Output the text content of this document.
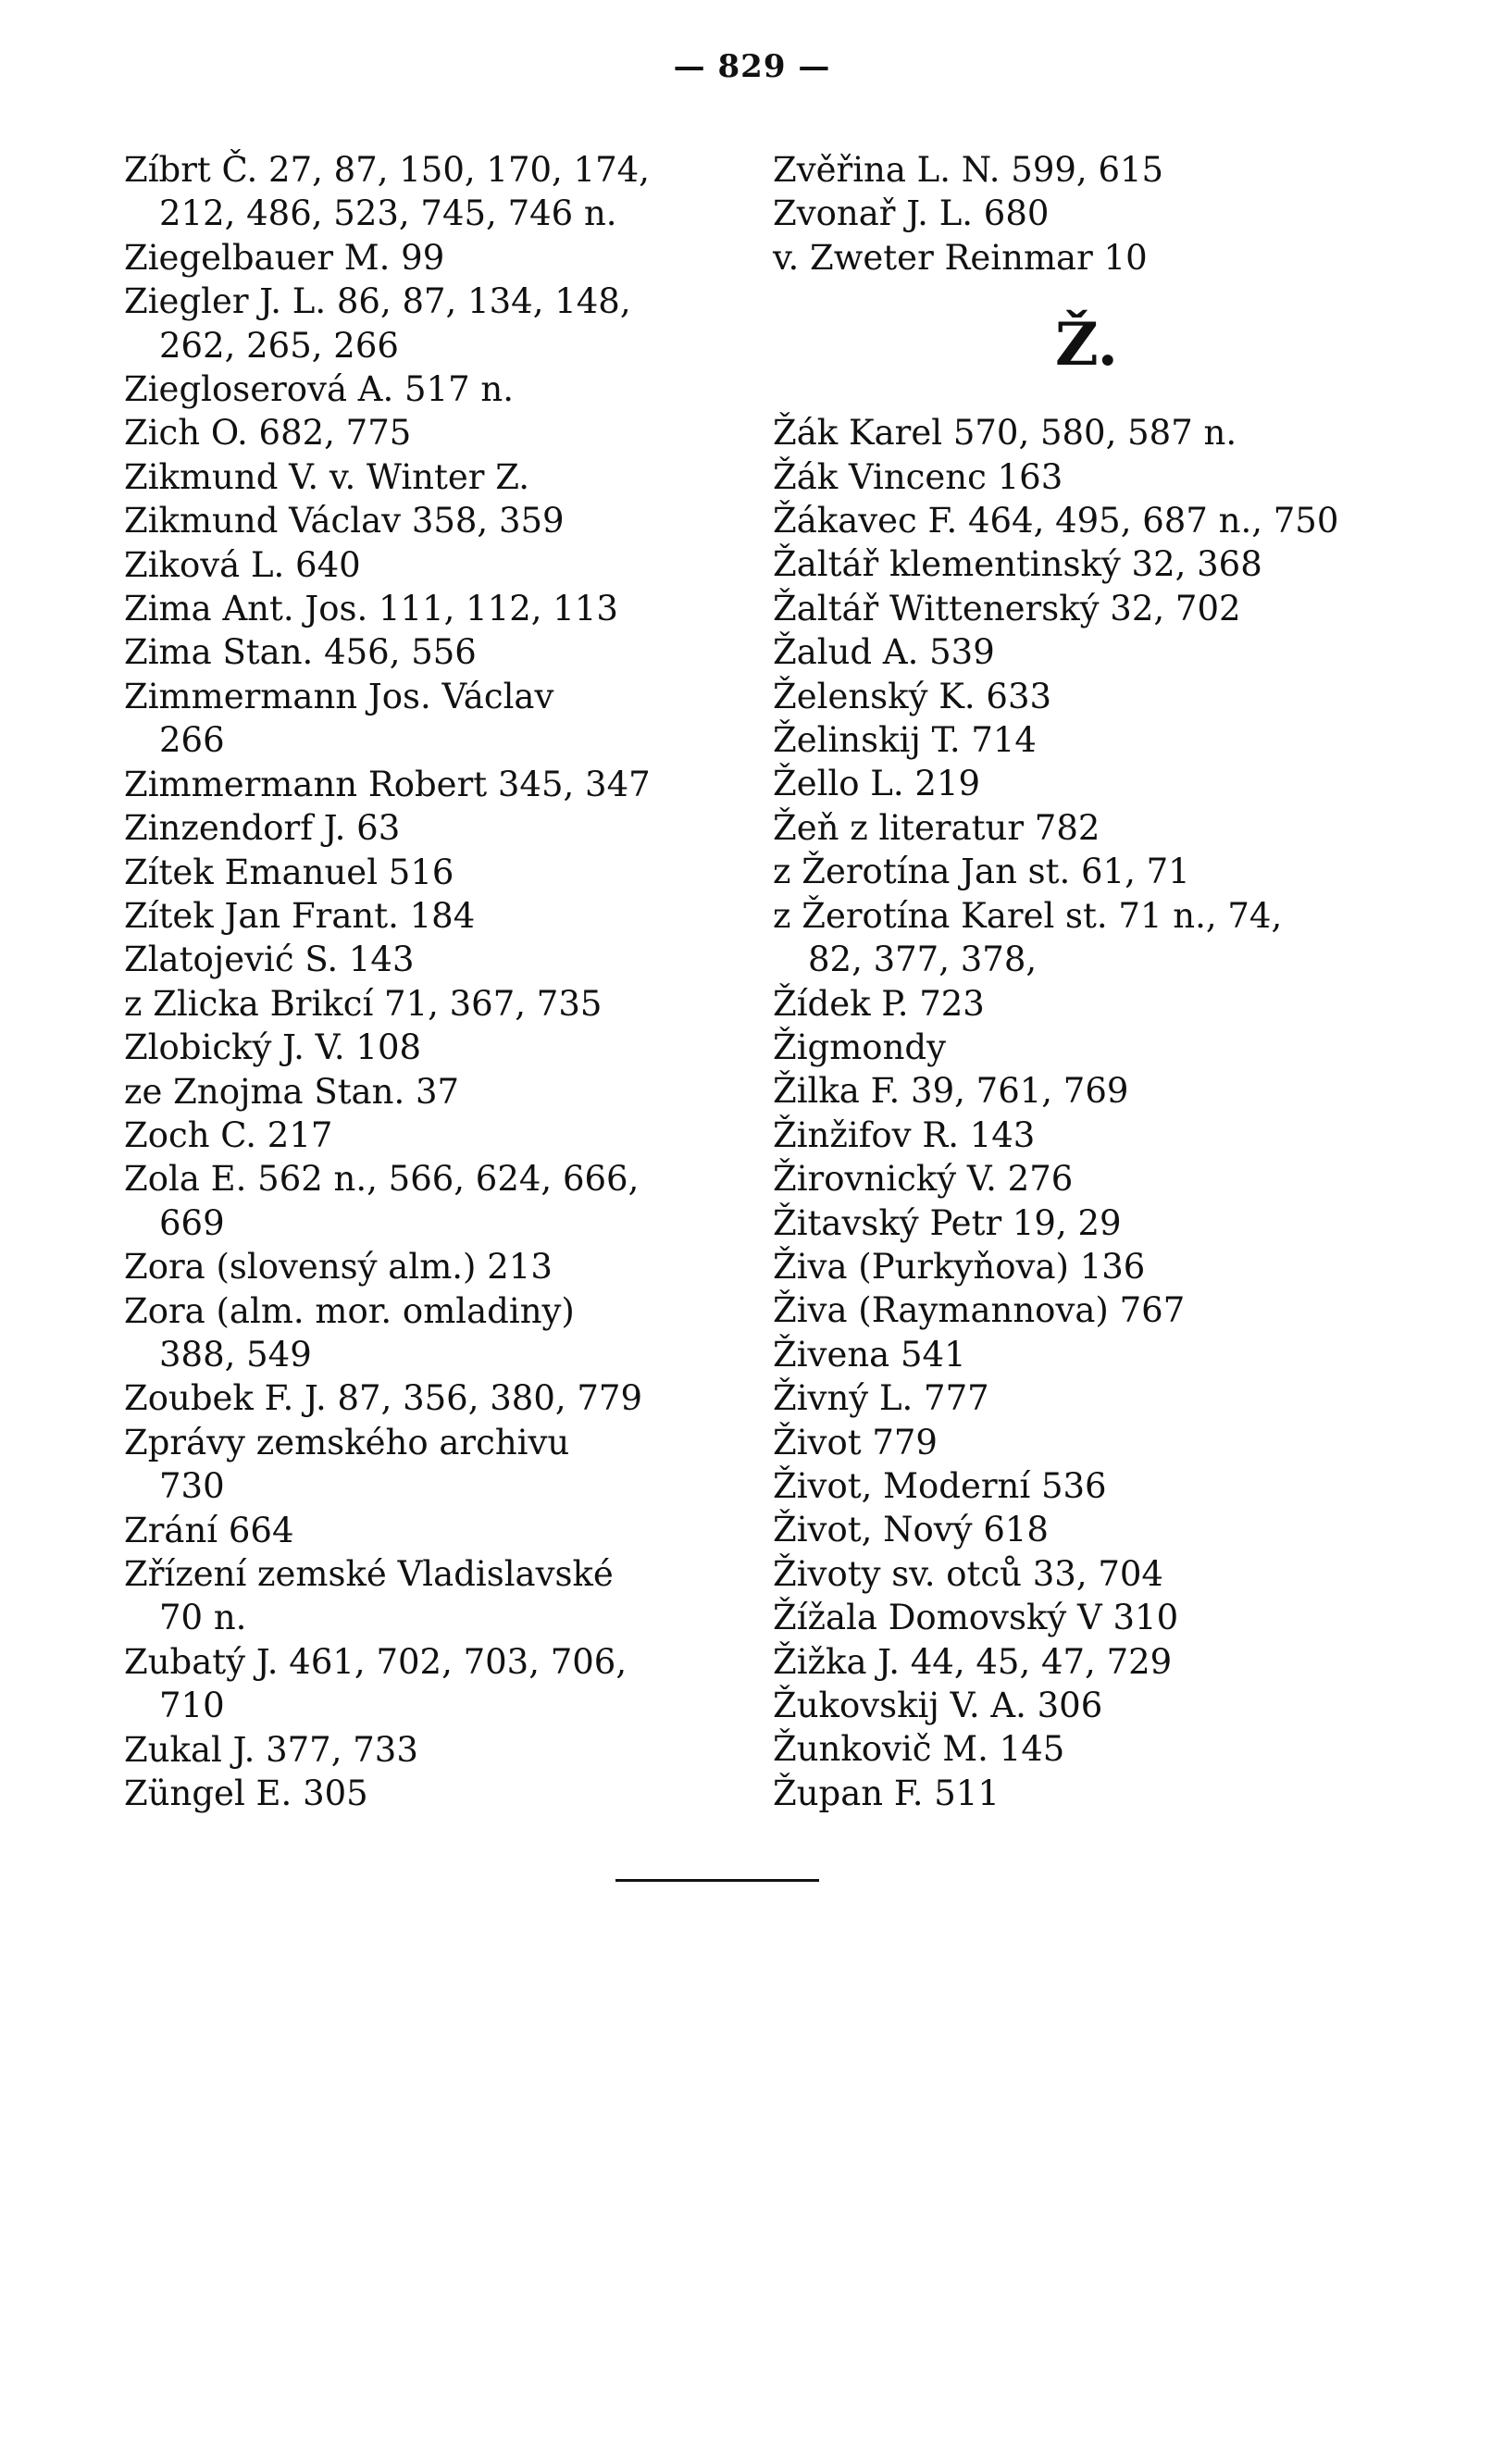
— 829 —
Zíbrt Č. 27, 87, 150, 170, 174,
212, 486, 523, 745, 746 n.
Ziegelbauer M. 99
Ziegler J. L. 86, 87, 134, 148,
262, 265, 266
Ziegloserová A. 517 n.
Zich O. 682, 775
Zikmund V. v. Winter Z.
Zikmund Václav 358, 359
Ziková L. 640
Zima Ant. Jos. 111, 112, 113
Zima Stan. 456, 556
Zimmermann Jos. Václav
266
Zimmermann Robert 345, 347
Zinzendorf J. 63
Zítek Emanuel 516
Zítek Jan Frant. 184
Zlatojević S. 143
z Zlicka Brikcí 71, 367, 735
Zlobický J. V. 108
ze Znojma Stan. 37
Zoch C. 217
Zola E. 562 n., 566, 624, 666,
669
Zora (slovensý alm.) 213
Zora (alm. mor. omladiny)
388, 549
Zoubek F. J. 87, 356, 380, 779
Zprávy zemského archivu
730
Zrání 664
Zřízení zemské Vladislavské
70 n.
Zubatý J. 461, 702, 703, 706,
710
Zukal J. 377, 733
Züngel E. 305
Zvěřina L. N. 599, 615
Zvonař J. L. 680
v. Zweter Reinmar 10
Ž.
Žák Karel 570, 580, 587 n.
Žák Vincenc 163
Žákavec F. 464, 495, 687 n., 750
Žaltář klementinský 32, 368
Žaltář Wittenerský 32, 702
Žalud A. 539
Želenský K. 633
Želinskij T. 714
Žello L. 219
Žeň z literatur 782
z Žerotína Jan st. 61, 71
z Žerotína Karel st. 71 n., 74,
82, 377, 378,
Žídek P. 723
Žigmondy
Žilka F. 39, 761, 769
Žinžifov R. 143
Žirovnický V. 276
Žitavský Petr 19, 29
Živa (Purkyňova) 136
Živa (Raymannova) 767
Živena 541
Živný L. 777
Život 779
Život, Moderní 536
Život, Nový 618
Životy sv. otců 33, 704
Žížala Domovský V 310
Žižka J. 44, 45, 47, 729
Žukovskij V. A. 306
Žunkovič M. 145
Župan F. 511
